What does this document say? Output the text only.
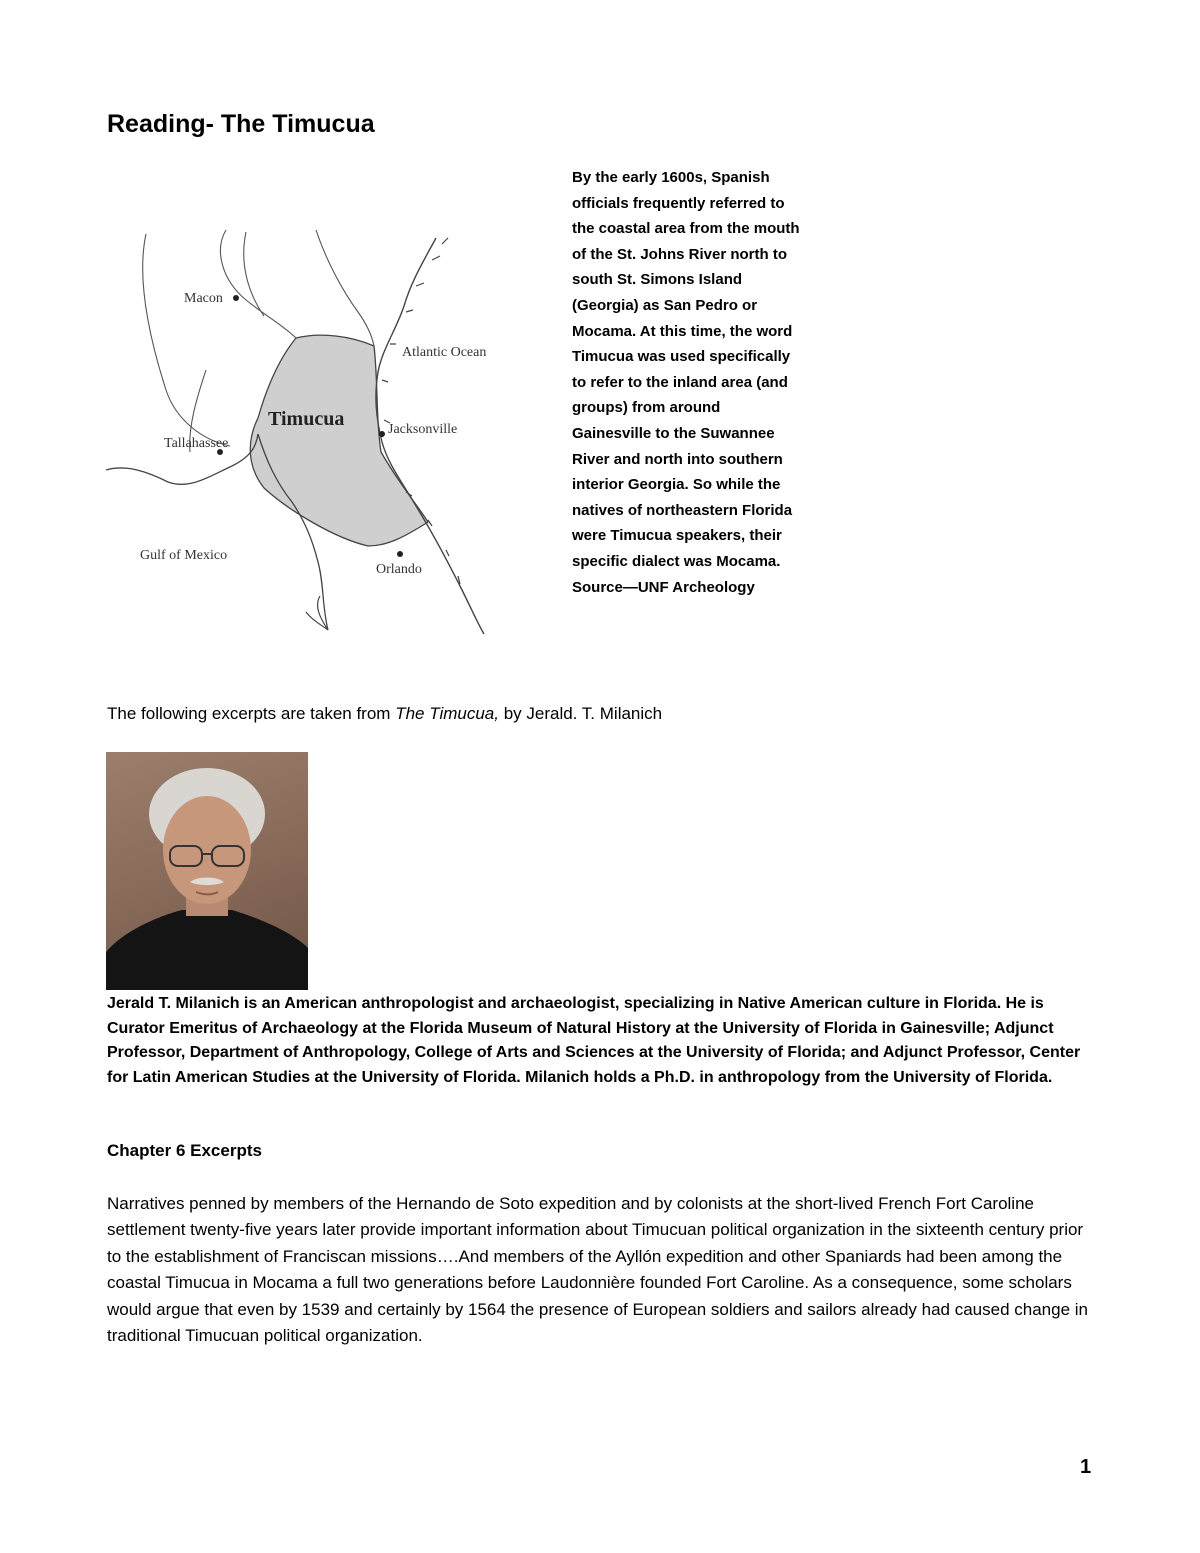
Reading- The Timucua
Macon
Atlantic Ocean
Timucua	Jacksonville
Tallahassee
Gulf of Mexico
Orlando

By the early 1600s, Spanish officials frequently referred to the coastal area from the mouth of the St. Johns River north to south St. Simons Island (Georgia) as San Pedro or Mocama. At this time, the word Timucua was used specifically to refer to the inland area (and groups) from around Gainesville to the Suwannee River and north into southern interior Georgia. So while the natives of northeastern Florida were Timucua speakers, their specific dialect was Mocama.
Source—UNF Archeology

The following excerpts are taken from The Timucua, by Jerald. T. Milanich

Jerald T. Milanich is an American anthropologist and archaeologist, specializing in Native American culture in Florida. He is Curator Emeritus of Archaeology at the Florida Museum of Natural History at the University of Florida in Gainesville; Adjunct Professor, Department of Anthropology, College of Arts and Sciences at the University of Florida; and Adjunct Professor, Center for Latin American Studies at the University of Florida. Milanich holds a Ph.D. in anthropology from the University of Florida.

Chapter 6 Excerpts

Narratives penned by members of the Hernando de Soto expedition and by colonists at the short-lived French Fort Caroline settlement twenty-five years later provide important information about Timucuan political organization in the sixteenth century prior to the establishment of Franciscan missions….And members of the Ayllón expedition and other Spaniards had been among the coastal Timucua in Mocama a full two generations before Laudonnière founded Fort Caroline. As a consequence, some scholars would argue that even by 1539 and certainly by 1564 the presence of European soldiers and sailors already had caused change in traditional Timucuan political organization.

1
